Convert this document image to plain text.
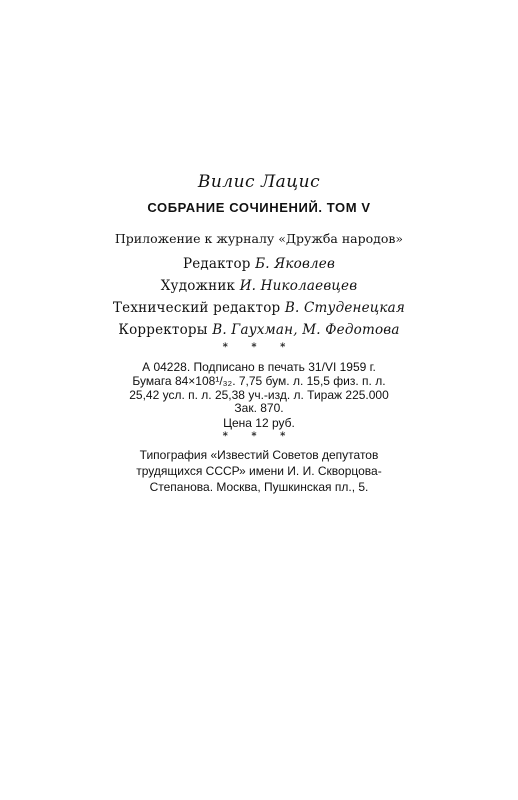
Вилис Лацис
СОБРАНИЕ СОЧИНЕНИЙ. ТОМ V
Приложение к журналу «Дружба народов»
Редактор Б. Яковлев
Художник И. Николаевцев
Технический редактор В. Студенецкая
Корректоры В. Гаухман, М. Федотова
* * *
А 04228. Подписано в печать 31/VI 1959 г.
Бумага 84×108¹/₃₂. 7,75 бум. л. 15,5 физ. п. л.
25,42 усл. п. л. 25,38 уч.-изд. л. Тираж 225.000
Зак. 870.
Цена 12 руб.
* * *
Типография «Известий Советов депутатов
трудящихся СССР» имени И. И. Скворцова-
Степанова. Москва, Пушкинская пл., 5.
